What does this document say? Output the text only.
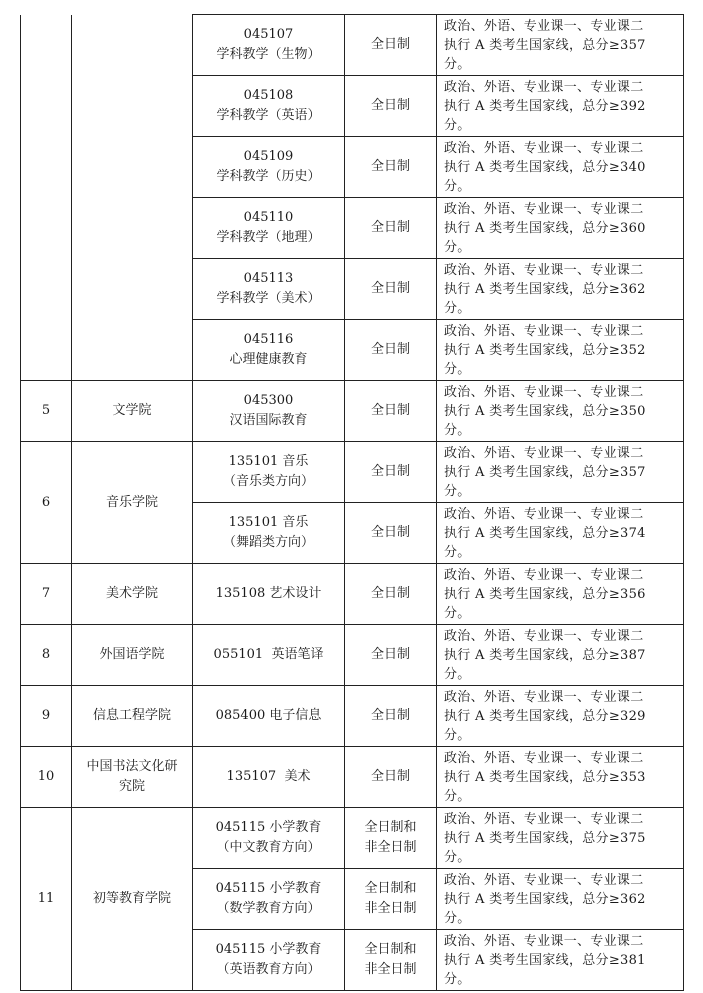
		045107
学科教学（生物）	全日制	政治、外语、专业课一、专业课二
执行 A 类考生国家线，总分≥357
分。

		045108
学科教学（英语）	全日制	政治、外语、专业课一、专业课二
执行 A 类考生国家线，总分≥392
分。

		045109
学科教学（历史）	全日制	政治、外语、专业课一、专业课二
执行 A 类考生国家线，总分≥340
分。

		045110
学科教学（地理）	全日制	政治、外语、专业课一、专业课二
执行 A 类考生国家线，总分≥360
分。

		045113
学科教学（美术）	全日制	政治、外语、专业课一、专业课二
执行 A 类考生国家线，总分≥362
分。

		045116
心理健康教育	全日制	政治、外语、专业课一、专业课二
执行 A 类考生国家线，总分≥352
分。

5	文学院	045300
汉语国际教育	全日制	政治、外语、专业课一、专业课二
执行 A 类考生国家线，总分≥350
分。

6	音乐学院	135101 音乐
（音乐类方向）	全日制	政治、外语、专业课一、专业课二
执行 A 类考生国家线，总分≥357
分。

		135101 音乐
（舞蹈类方向）	全日制	政治、外语、专业课一、专业课二
执行 A 类考生国家线，总分≥374
分。

7	美术学院	135108 艺术设计	全日制	政治、外语、专业课一、专业课二
执行 A 类考生国家线，总分≥356
分。

8	外国语学院	055101  英语笔译	全日制	政治、外语、专业课一、专业课二
执行 A 类考生国家线，总分≥387
分。

9	信息工程学院	085400 电子信息	全日制	政治、外语、专业课一、专业课二
执行 A 类考生国家线，总分≥329
分。

10	中国书法文化研
究院	135107  美术	全日制	政治、外语、专业课一、专业课二
执行 A 类考生国家线，总分≥353
分。

11	初等教育学院	045115 小学教育
（中文教育方向）	全日制和
非全日制	政治、外语、专业课一、专业课二
执行 A 类考生国家线，总分≥375
分。

		045115 小学教育
（数学教育方向）	全日制和
非全日制	政治、外语、专业课一、专业课二
执行 A 类考生国家线，总分≥362
分。

		045115 小学教育
（英语教育方向）	全日制和
非全日制	政治、外语、专业课一、专业课二
执行 A 类考生国家线，总分≥381
分。
